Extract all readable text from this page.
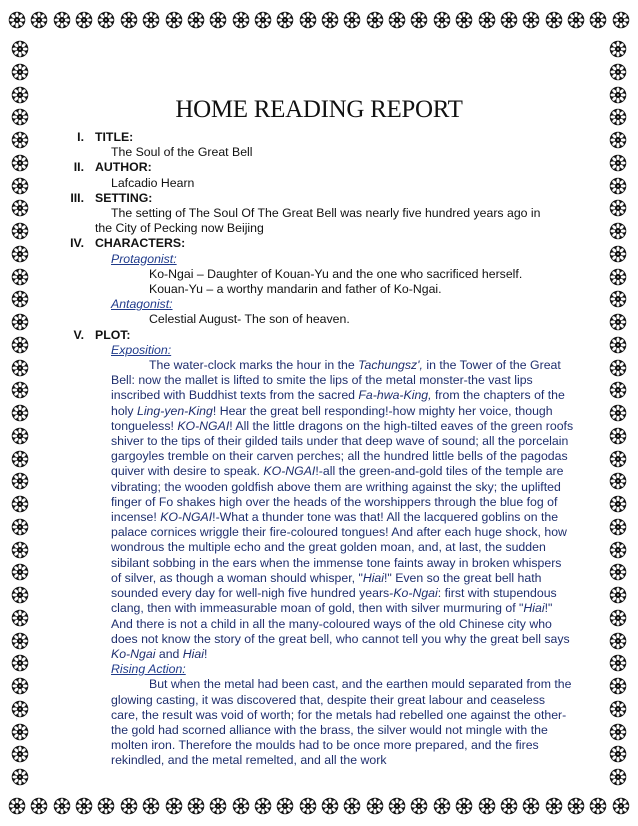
HOME READING REPORT
I. TITLE:
The Soul of the Great Bell
II. AUTHOR:
Lafcadio Hearn
III. SETTING:
The setting of The Soul Of The Great Bell was nearly five hundred years ago in
the City of Pecking now Beijing
IV. CHARACTERS:
Protagonist:
Ko-Ngai – Daughter of Kouan-Yu and the one who sacrificed herself.
Kouan-Yu – a worthy mandarin and father of Ko-Ngai.
Antagonist:
Celestial August- The son of heaven.
V. PLOT:
Exposition:
The water-clock marks the hour in the Tachungsz', in the Tower of the Great Bell: now the mallet is lifted to smite the lips of the metal monster-the vast lips inscribed with Buddhist texts from the sacred Fa-hwa-King, from the chapters of the holy Ling-yen-King! Hear the great bell responding!-how mighty her voice, though tongueless! KO-NGAI! All the little dragons on the high-tilted eaves of the green roofs shiver to the tips of their gilded tails under that deep wave of sound; all the porcelain gargoyles tremble on their carven perches; all the hundred little bells of the pagodas quiver with desire to speak. KO-NGAI!-all the green-and-gold tiles of the temple are vibrating; the wooden goldfish above them are writhing against the sky; the uplifted finger of Fo shakes high over the heads of the worshippers through the blue fog of incense! KO-NGAI!-What a thunder tone was that! All the lacquered goblins on the palace cornices wriggle their fire-coloured tongues! And after each huge shock, how wondrous the multiple echo and the great golden moan, and, at last, the sudden sibilant sobbing in the ears when the immense tone faints away in broken whispers of silver, as though a woman should whisper, "Hiai!" Even so the great bell hath sounded every day for well-nigh five hundred years-Ko-Ngai: first with stupendous clang, then with immeasurable moan of gold, then with silver murmuring of "Hiai!" And there is not a child in all the many-coloured ways of the old Chinese city who does not know the story of the great bell, who cannot tell you why the great bell says Ko-Ngai and Hiai!
Rising Action:
But when the metal had been cast, and the earthen mould separated from the glowing casting, it was discovered that, despite their great labour and ceaseless care, the result was void of worth; for the metals had rebelled one against the other-the gold had scorned alliance with the brass, the silver would not mingle with the molten iron. Therefore the moulds had to be once more prepared, and the fires rekindled, and the metal remelted, and all the work
